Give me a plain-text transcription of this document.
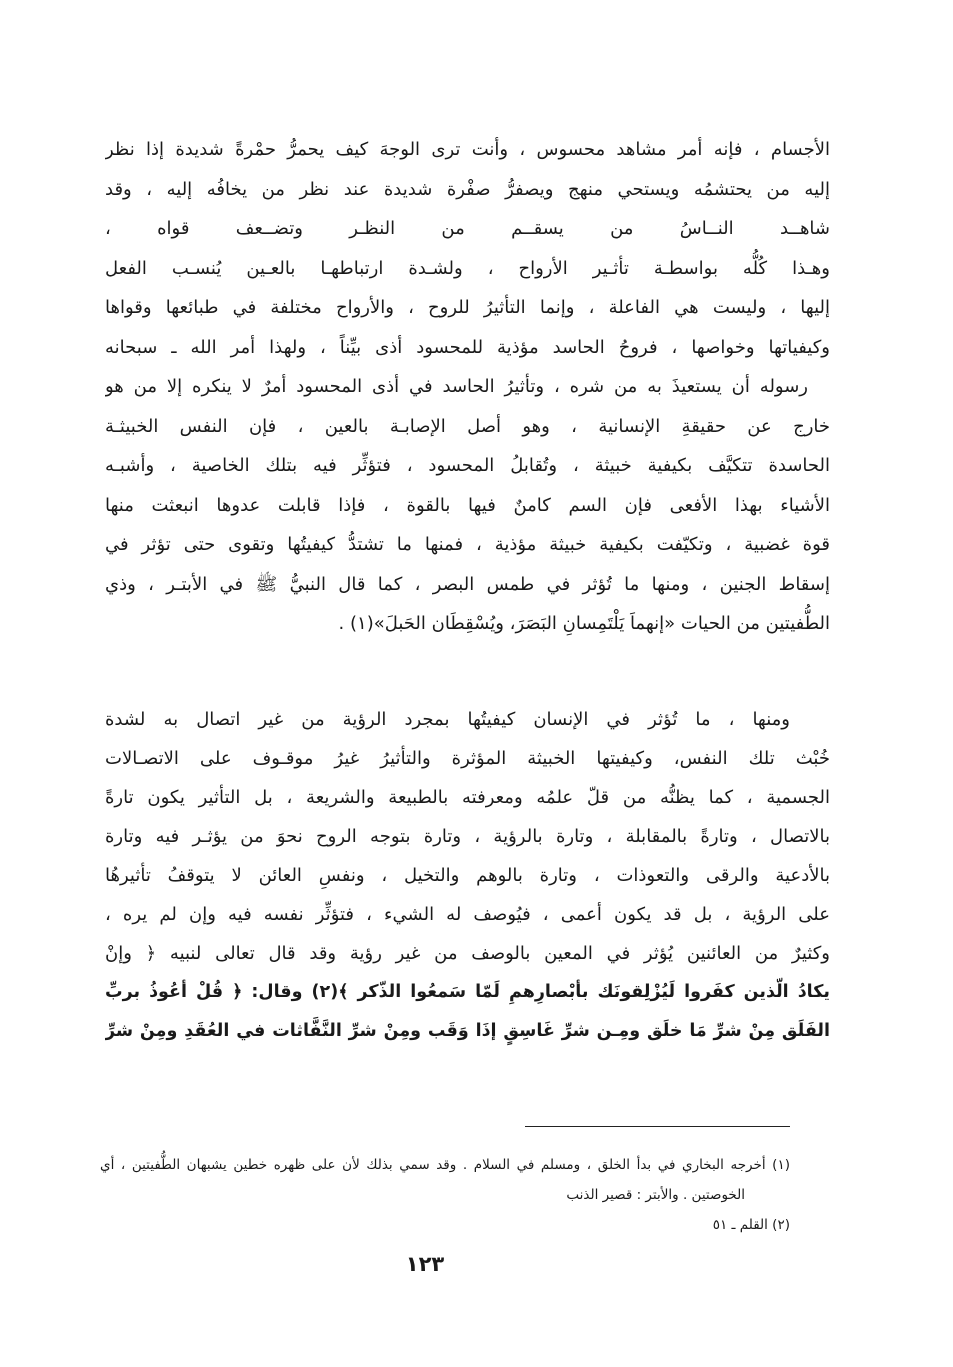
الأجسام ، فإنه أمر مشاهد محسوس ، وأنت ترى الوجهَ كيف يحمرُّ حمْرةً شديدة إذا نظر
إليه من يحتشمُه ويستحي منهج ويصفرُّ صفْرة شديدة عند نظر من يخافُه إليه ، وقد
شاهــد النــاسُ من يسقــم من النظـر وتضــعف قواه ،
وهـذا كُلُّه بواسطـة تأثـير الأرواح ، ولشـدة ارتباطهـا بالعـين يُنسـب الفعل
إليها ، وليست هي الفاعلة ، وإنما التأثيرُ للروح ، والأرواح مختلفة في طبائعها وقواها
وكيفياتها وخواصها ، فروحُ الحاسد مؤذية للمحسود أذى بيِّناً ، ولهذا أمر الله ـ سبحانه
رسوله أن يستعيذَ به من شره ، وتأثيرُ الحاسد في أذى المحسود أمرٌ لا ينكره إلا من هو
خارج عن حقيقةِ الإنسانية ، وهو أصل الإصابـة بالعين ، فإن النفس الخبيثـة
الحاسدة تتكيَّف بكيفية خبيثة ، وتُقابلُ المحسود ، فتؤثِّر فيه بتلك الخاصية ، وأشبـه
الأشياء بهذا الأفعى فإن السم كامنٌ فيها بالقوة ، فإذا قابلت عدوها انبعثت منها
قوة غضبية ، وتكيّفت بكيفية خبيثة مؤذية ، فمنها ما تشتدُّ كيفيتُها وتقوى حتى تؤثر في
إسقاط الجنين ، ومنها ما تُؤثر في طمس البصر ، كما قال النبيُّ ﷺ في الأبتـر ، وذي
الطُّفيتين من الحيات «إنهماَ يَلْتَمِسانِ البَصَرَ، ويُسْقِطَان الحَبلَ»(١) .
ومنها ، ما تُؤثر في الإنسان كيفيتُها بمجرد الرؤية من غير اتصال به لشدة
خُبْث تلك النفس، وكيفيتها الخبيثة المؤثرة والتأثيرُ غيرُ موقـوف على الاتصـالات
الجسمية ، كما يظنُّه من قلّ علمُه ومعرفته بالطبيعة والشريعة ، بل التأثير يكون تارةً
بالاتصال ، وتارةً بالمقابلة ، وتارة بالرؤية ، وتارة بتوجه الروح نحوَ من يؤثـر فيه وتارة
بالأدعية والرقى والتعوذات ، وتارة بالوهم والتخيل ، ونفسِ العائن لا يتوقفُ تأثيرهُا
على الرؤية ، بل قد يكون أعمى ، فيُوصف له الشيء ، فتؤثِّر نفسه فيه وإن لم يره ،
وكثيرٌ من العائنين يُؤثر في المعين بالوصف من غير رؤية وقد قال تعالى لنبيه ﴿ وإنْ
يكادُ الّذين كفَروا لَيُزْلِقونَك بأبْصارِهمِ لَمّا سَمعُوا الذّكر ﴾(٢) وقال: ﴿ قُلْ أعُوذُ بربِّ
الفَلَق مِنْ شرِّ مَا خلَق ومِـن شرِّ غَاسِقٍ إذَا وَقَب ومِنْ شرِّ النَّفَّاثات في العُقَدِ ومِنْ شرِّ
(١) أخرجه البخاري في بدأ الخلق ، ومسلم في السلام . وقد سمي بذلك لأن على ظهره خطين يشبهان الطُّفيتين ، أي
الخوصتين . والأبتر : قصير الذنب
(٢) القلم ـ ٥١
١٢٣
